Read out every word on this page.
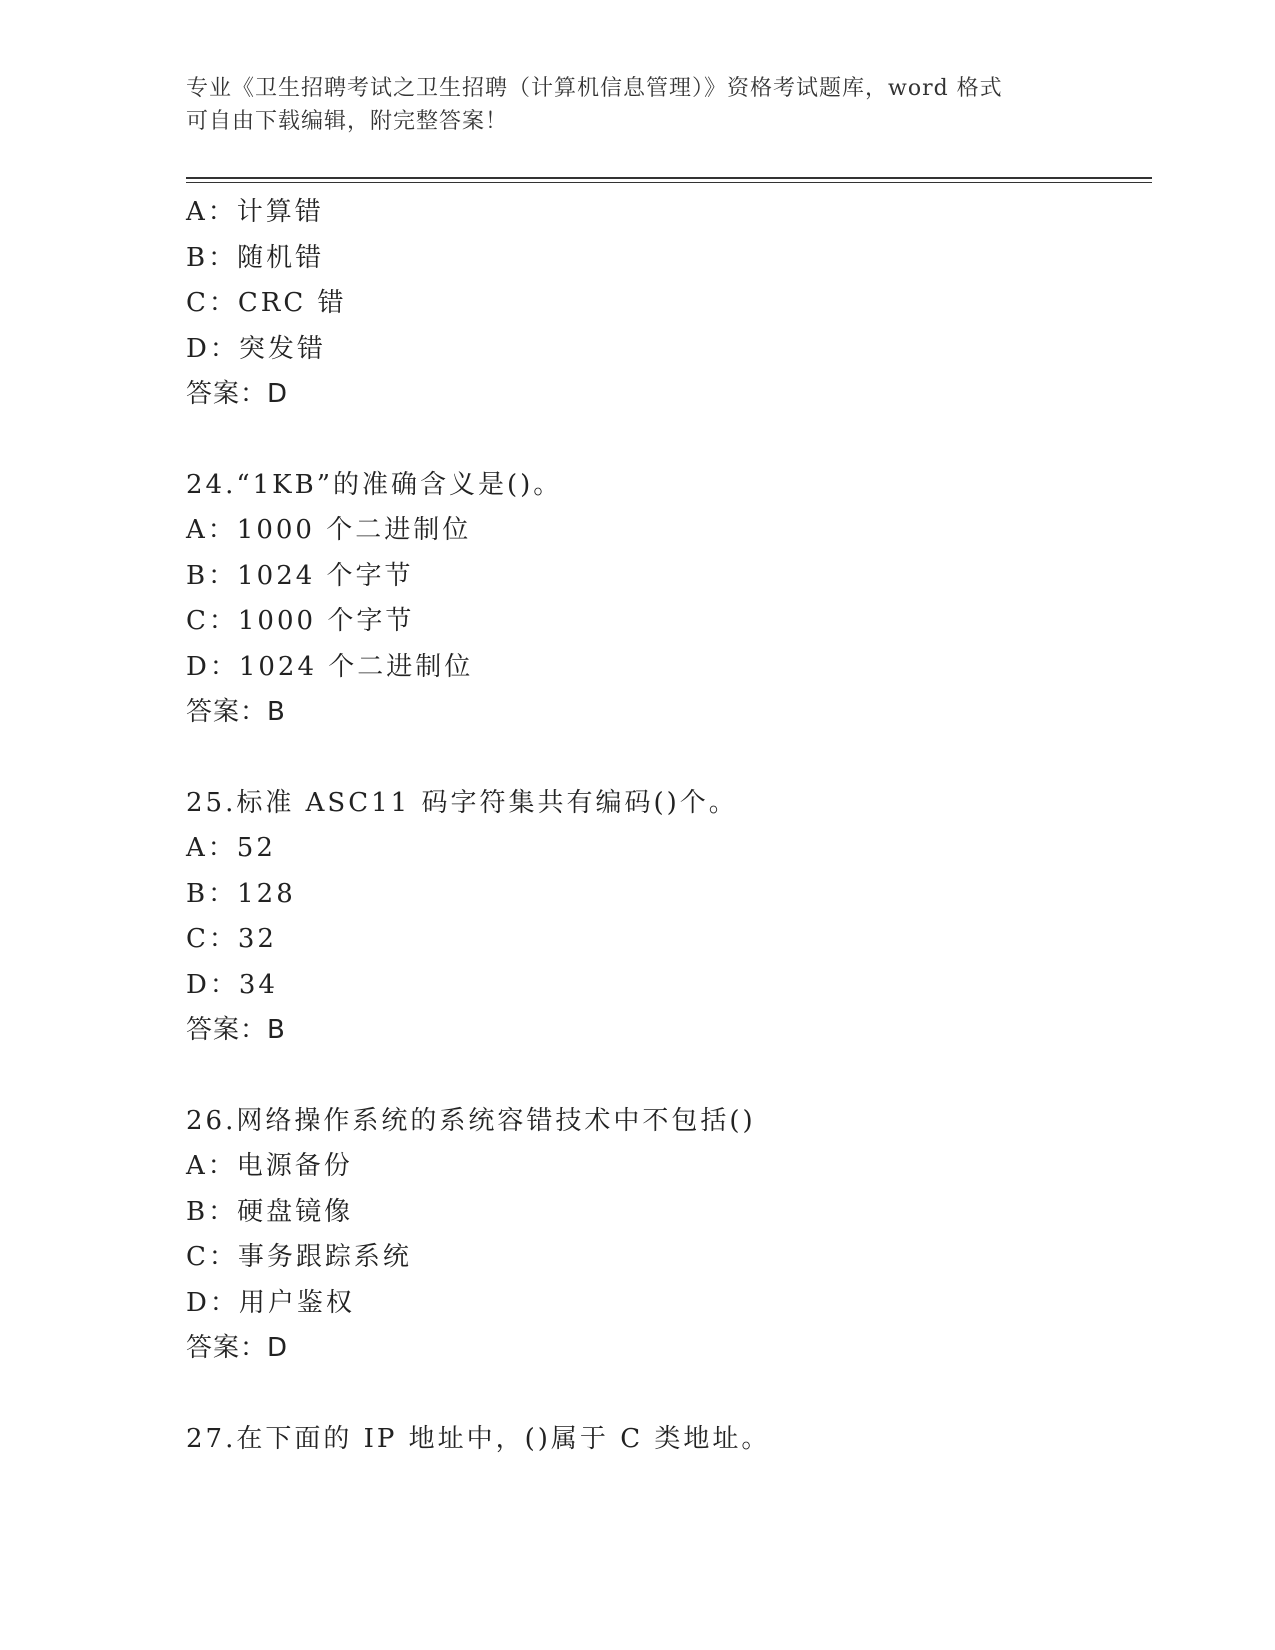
专业《卫生招聘考试之卫生招聘（计算机信息管理）》资格考试题库，word 格式
可自由下载编辑，附完整答案！
A：计算错
B：随机错
C：CRC 错
D：突发错
答案：D
24.“1KB”的准确含义是()。
A：1000 个二进制位
B：1024 个字节
C：1000 个字节
D：1024 个二进制位
答案：B
25.标准 ASC11 码字符集共有编码()个。
A：52
B：128
C：32
D：34
答案：B
26.网络操作系统的系统容错技术中不包括()
A：电源备份
B：硬盘镜像
C：事务跟踪系统
D：用户鉴权
答案：D
27.在下面的 IP 地址中，()属于 C 类地址。
